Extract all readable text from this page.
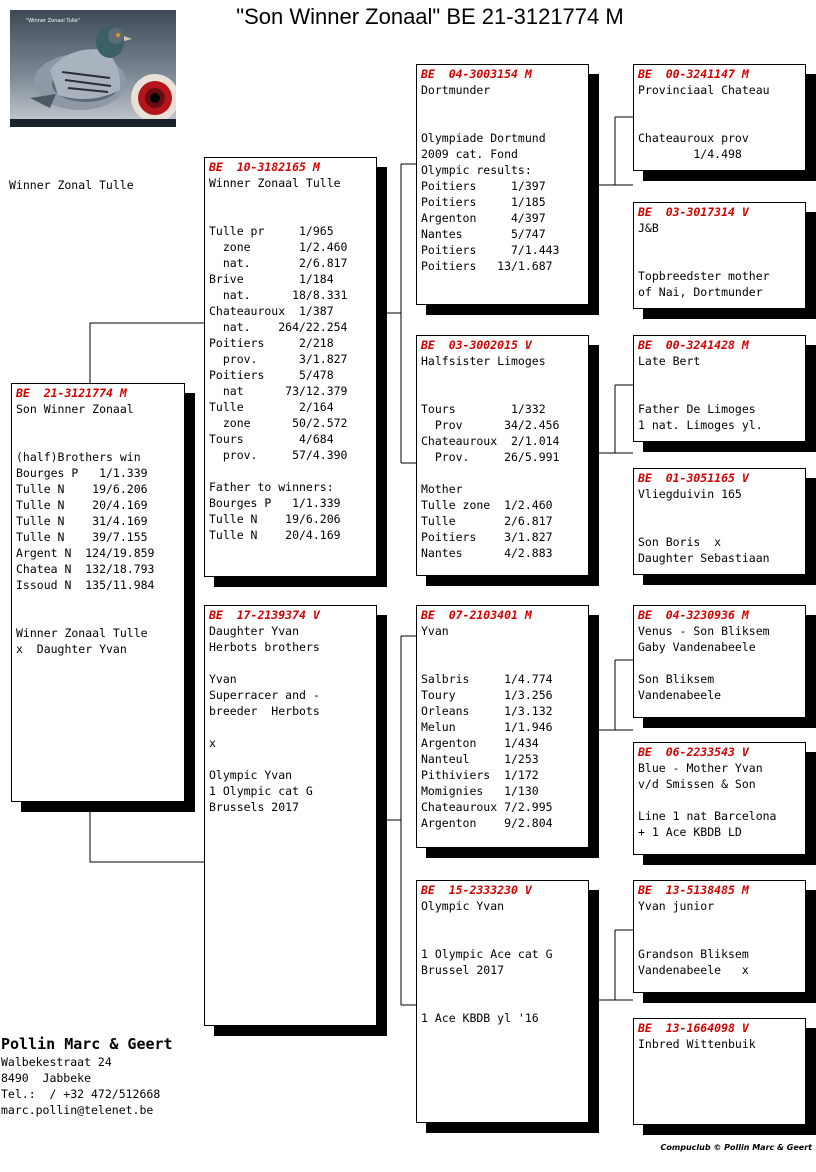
"Son Winner Zonaal" BE 21-3121774 M
"Winner Zonaal Tulle"
Winner Zonal Tulle
BE  21-3121774 M
Son Winner Zonaal
(half)Brothers win
Bourges P   1/1.339
Tulle N    19/6.206
Tulle N    20/4.169
Tulle N    31/4.169
Tulle N    39/7.155
Argent N  124/19.859
Chatea N  132/18.793
Issoud N  135/11.984
Winner Zonaal Tulle
x  Daughter Yvan
BE  10-3182165 M
Winner Zonaal Tulle
Tulle pr     1/965
zone       1/2.460
nat.       2/6.817
Brive        1/184
nat.      18/8.331
Chateauroux  1/387
nat.    264/22.254
Poitiers     2/218
prov.      3/1.827
Poitiers     5/478
nat      73/12.379
Tulle        2/164
zone      50/2.572
Tours        4/684
prov.     57/4.390
Father to winners:
Bourges P   1/1.339
Tulle N    19/6.206
Tulle N    20/4.169
BE  17-2139374 V
Daughter Yvan
Herbots brothers
Yvan
Superracer and -
breeder  Herbots
x
Olympic Yvan
1 Olympic cat G
Brussels 2017
BE  04-3003154 M
Dortmunder
Olympiade Dortmund
2009 cat. Fond
Olympic results:
Poitiers     1/397
Poitiers     1/185
Argenton     4/397
Nantes       5/747
Poitiers     7/1.443
Poitiers   13/1.687
BE  03-3002015 V
Halfsister Limoges
Tours        1/332
Prov      34/2.456
Chateauroux  2/1.014
Prov.     26/5.991
Mother
Tulle zone  1/2.460
Tulle       2/6.817
Poitiers    3/1.827
Nantes      4/2.883
BE  07-2103401 M
Yvan
Salbris     1/4.774
Toury       1/3.256
Orleans     1/3.132
Melun       1/1.946
Argenton    1/434
Nanteul     1/253
Pithiviers  1/172
Momignies   1/130
Chateauroux 7/2.995
Argenton    9/2.804
BE  15-2333230 V
Olympic Yvan
1 Olympic Ace cat G
Brussel 2017
1 Ace KBDB yl '16
BE  00-3241147 M
Provinciaal Chateau
Chateauroux prov
1/4.498
BE  03-3017314 V
J&B
Topbreedster mother
of Nai, Dortmunder
BE  00-3241428 M
Late Bert
Father De Limoges
1 nat. Limoges yl.
BE  01-3051165 V
Vliegduivin 165
Son Boris  x
Daughter Sebastiaan
BE  04-3230936 M
Venus - Son Bliksem
Gaby Vandenabeele
Son Bliksem
Vandenabeele
BE  06-2233543 V
Blue - Mother Yvan
v/d Smissen & Son
Line 1 nat Barcelona
+ 1 Ace KBDB LD
BE  13-5138485 M
Yvan junior
Grandson Bliksem
Vandenabeele   x
BE  13-1664098 V
Inbred Wittenbuik
Pollin Marc & Geert
Walbekestraat 24
8490  Jabbeke
Tel.:  / +32 472/512668
marc.pollin@telenet.be
Compuclub © Pollin Marc & Geert
